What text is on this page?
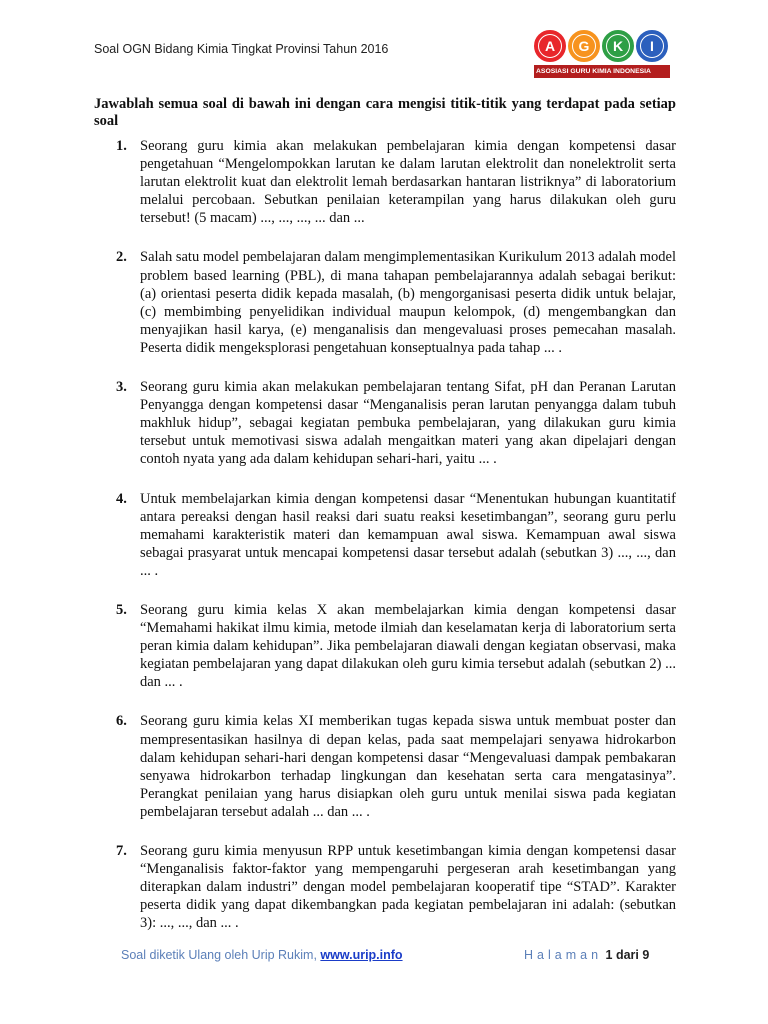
Soal OGN Bidang Kimia Tingkat Provinsi Tahun 2016	A	G	K	I
ASOSIASI GURU KIMIA INDONESIA
Jawablah semua soal di bawah ini dengan cara mengisi titik-titik yang terdapat pada setiap soal
1. Seorang guru kimia akan melakukan pembelajaran kimia dengan kompetensi dasar pengetahuan “Mengelompokkan larutan ke dalam larutan elektrolit dan nonelektrolit serta larutan elektrolit kuat dan elektrolit lemah berdasarkan hantaran listriknya” di laboratorium melalui percobaan. Sebutkan penilaian keterampilan yang harus dilakukan oleh guru tersebut! (5 macam) ..., ..., ..., ... dan ...
2. Salah satu model pembelajaran dalam mengimplementasikan Kurikulum 2013 adalah model problem based learning (PBL), di mana tahapan pembelajarannya adalah sebagai berikut: (a) orientasi peserta didik kepada masalah, (b) mengorganisasi peserta didik untuk belajar, (c) membimbing penyelidikan individual maupun kelompok, (d) mengembangkan dan menyajikan hasil karya, (e) menganalisis dan mengevaluasi proses pemecahan masalah. Peserta didik mengeksplorasi pengetahuan konseptualnya pada tahap ... .
3. Seorang guru kimia akan melakukan pembelajaran tentang Sifat, pH dan Peranan Larutan Penyangga dengan kompetensi dasar “Menganalisis peran larutan penyangga dalam tubuh makhluk hidup”, sebagai kegiatan pembuka pembelajaran, yang dilakukan guru kimia tersebut untuk memotivasi siswa adalah mengaitkan materi yang akan dipelajari dengan contoh nyata yang ada dalam kehidupan sehari-hari, yaitu ... .
4. Untuk membelajarkan kimia dengan kompetensi dasar “Menentukan hubungan kuantitatif antara pereaksi dengan hasil reaksi dari suatu reaksi kesetimbangan”, seorang guru perlu memahami karakteristik materi dan kemampuan awal siswa. Kemampuan awal siswa sebagai prasyarat untuk mencapai kompetensi dasar tersebut adalah (sebutkan 3) ..., ..., dan ... .
5. Seorang guru kimia kelas X akan membelajarkan kimia dengan kompetensi dasar “Memahami hakikat ilmu kimia, metode ilmiah dan keselamatan kerja di laboratorium serta peran kimia dalam kehidupan”. Jika pembelajaran diawali dengan kegiatan observasi, maka kegiatan pembelajaran yang dapat dilakukan oleh guru kimia tersebut adalah (sebutkan 2) ... dan ... .
6. Seorang guru kimia kelas XI memberikan tugas kepada siswa untuk membuat poster dan mempresentasikan hasilnya di depan kelas, pada saat mempelajari senyawa hidrokarbon dalam kehidupan sehari-hari dengan kompetensi dasar “Mengevaluasi dampak pembakaran senyawa hidrokarbon terhadap lingkungan dan kesehatan serta cara mengatasinya”. Perangkat penilaian yang harus disiapkan oleh guru untuk menilai siswa pada kegiatan pembelajaran tersebut adalah ... dan ... .
7. Seorang guru kimia menyusun RPP untuk kesetimbangan kimia dengan kompetensi dasar “Menganalisis faktor-faktor yang mempengaruhi pergeseran arah kesetimbangan yang diterapkan dalam industri” dengan model pembelajaran kooperatif tipe “STAD”. Karakter peserta didik yang dapat dikembangkan pada kegiatan pembelajaran ini adalah: (sebutkan 3): ..., ..., dan ... .
Soal diketik Ulang oleh Urip Rukim, www.urip.info	Halaman 1 dari 9
